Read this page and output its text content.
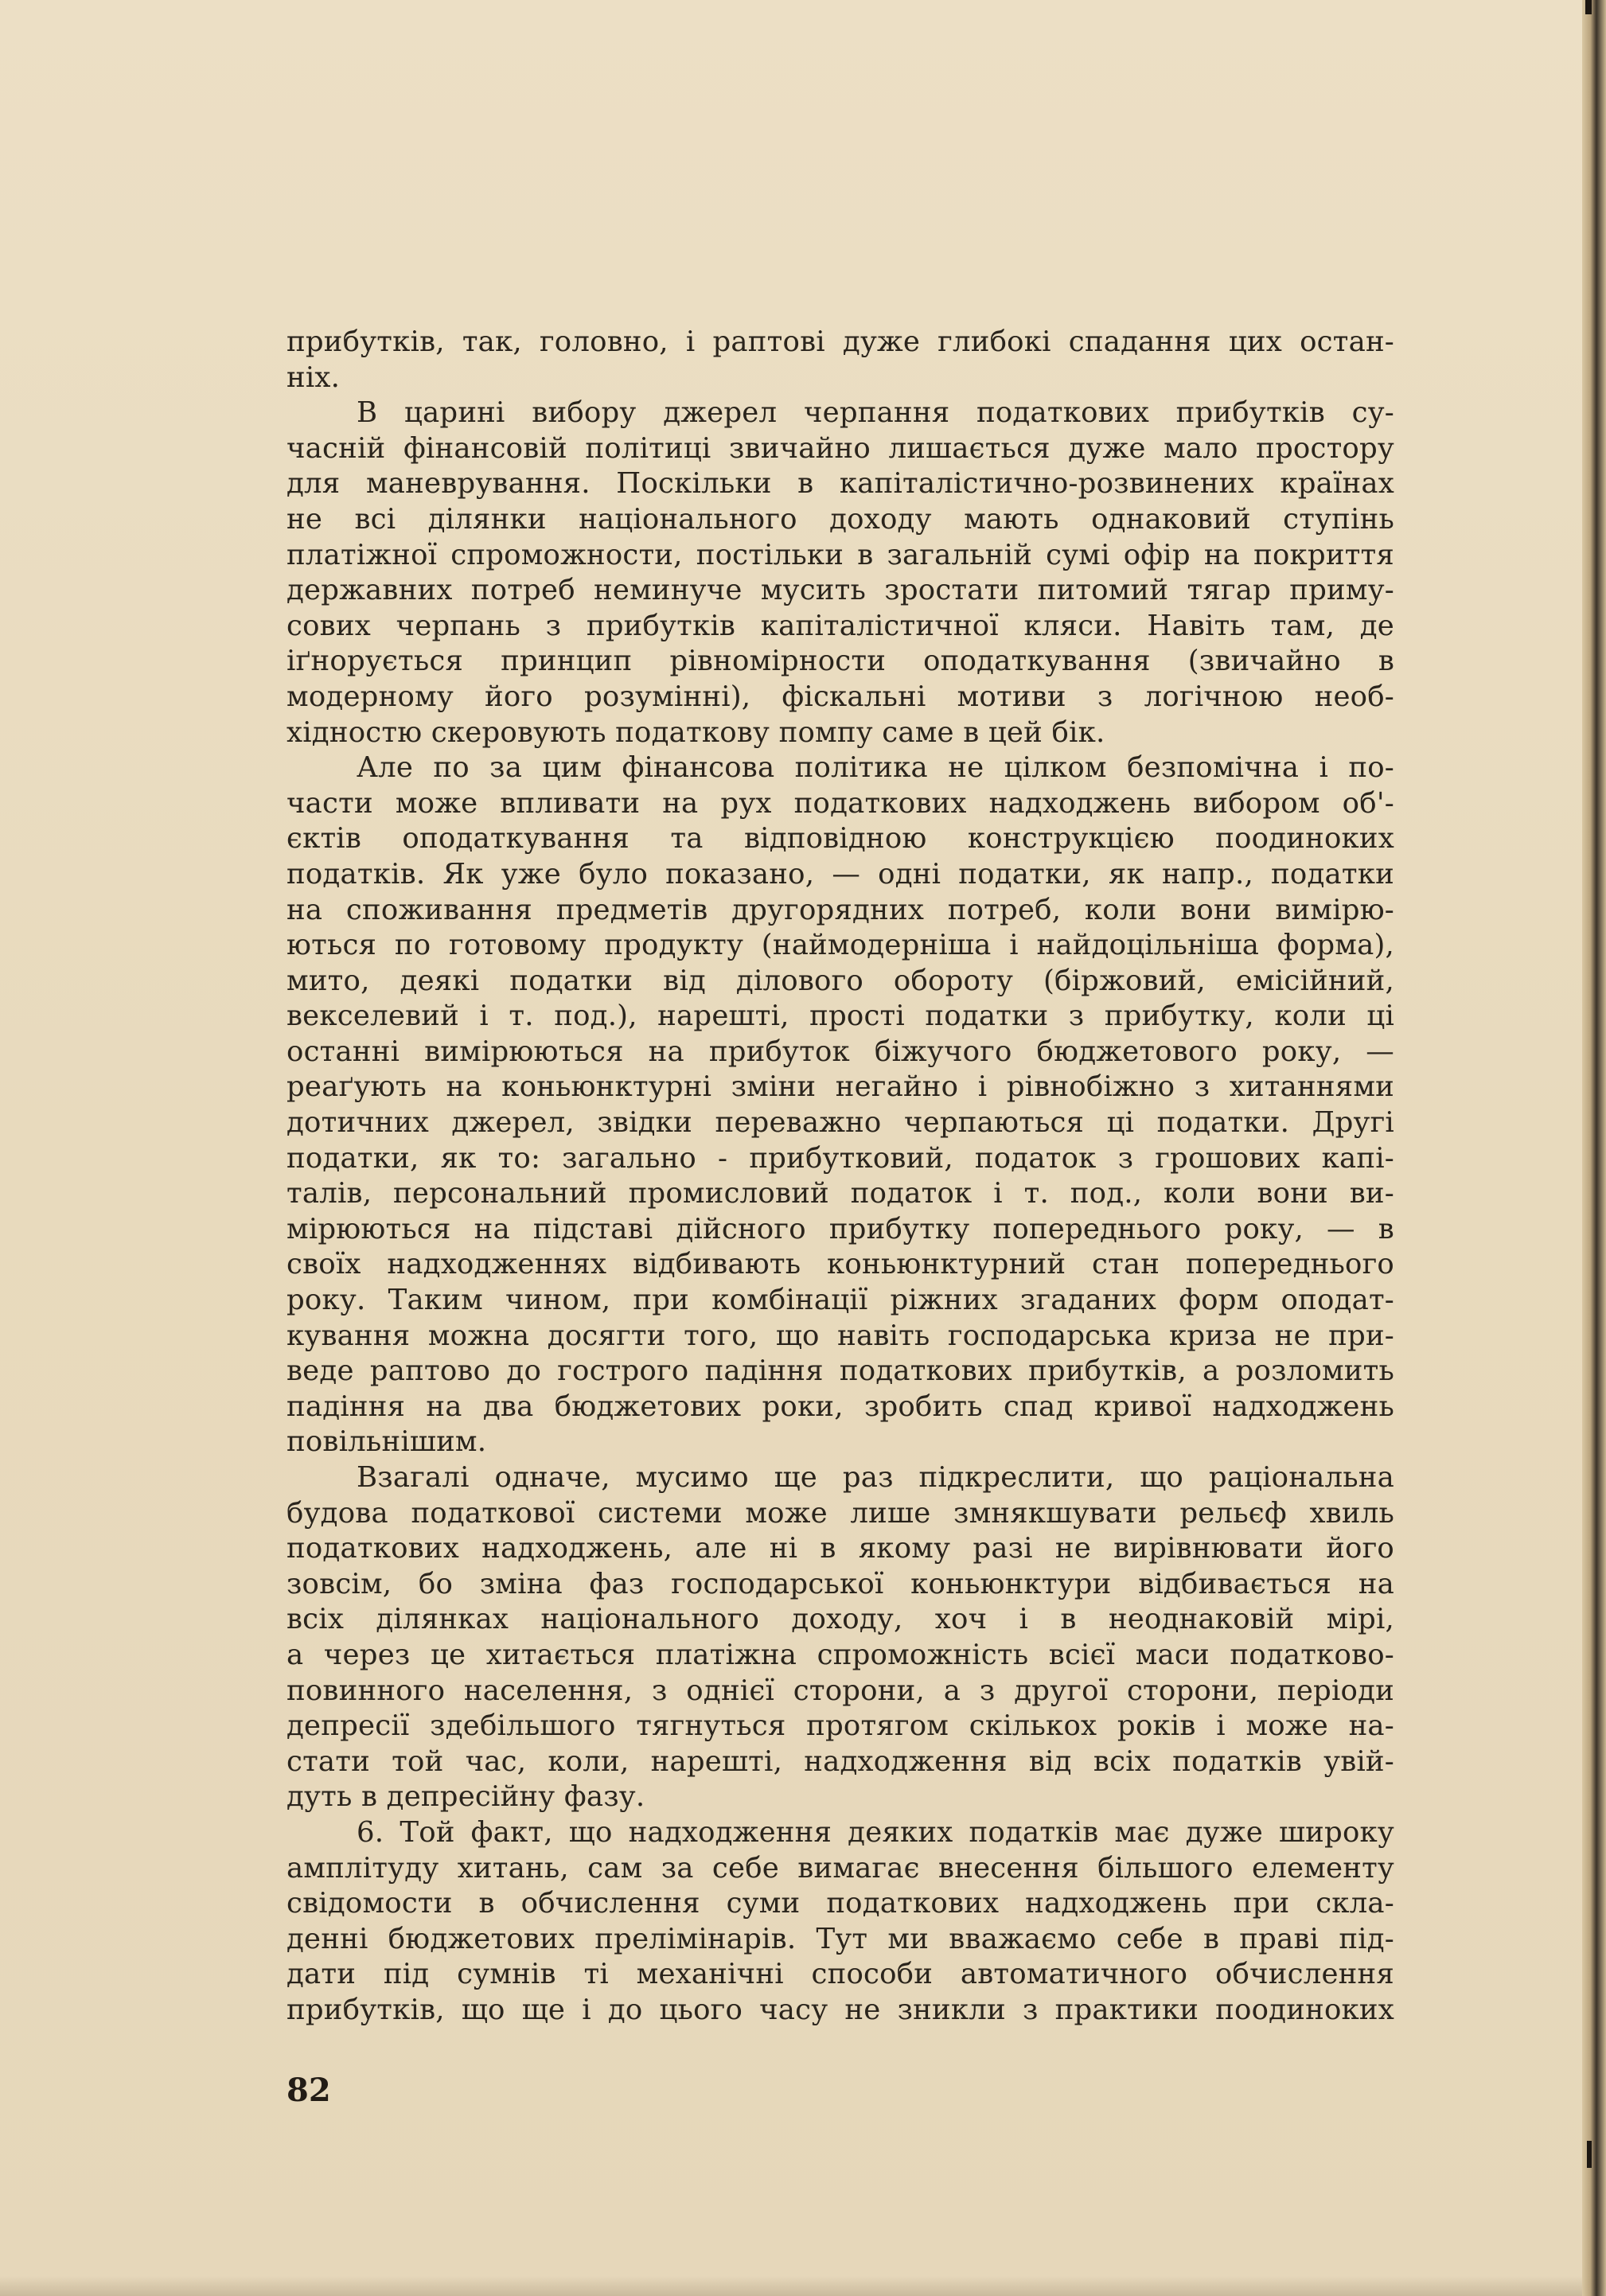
прибутків, так, головно, і раптові дуже глибокі спадання цих остан-

ніх.

В царині вибору джерел черпання податкових прибутків су-

часній фінансовій політиці звичайно лишається дуже мало простору

для маневрування. Поскільки в капіталістично-розвинених країнах

не всі ділянки національного доходу мають однаковий ступінь

платіжної спроможности, постільки в загальній сумі офір на покриття

державних потреб неминуче мусить зростати питомий тягар приму-

сових черпань з прибутків капіталістичної кляси. Навіть там, де

іґнорується принцип рівномірности оподаткування (звичайно в

модерному його розумінні), фіскальні мотиви з логічною необ-

хідностю скеровують податкову помпу саме в цей бік.

Але по за цим фінансова політика не цілком безпомічна і по-

части може впливати на рух податкових надходжень вибором об'-

єктів оподаткування та відповідною конструкцією поодиноких

податків. Як уже було показано, — одні податки, як напр., податки

на споживання предметів другорядних потреб, коли вони вимірю-

ються по готовому продукту (наймодерніша і найдоцільніша форма),

мито, деякі податки від ділового обороту (біржовий, емісійний,

векселевий і т. под.), нарешті, прості податки з прибутку, коли ці

останні вимірюються на прибуток біжучого бюджетового року, —

реаґують на коньюнктурні зміни негайно і рівнобіжно з хитаннями

дотичних джерел, звідки переважно черпаються ці податки. Другі

податки, як то: загально - прибутковий, податок з грошових капі-

талів, персональний промисловий податок і т. под., коли вони ви-

мірюються на підставі дійсного прибутку попереднього року, — в

своїх надходженнях відбивають коньюнктурний стан попереднього

року. Таким чином, при комбінації ріжних згаданих форм оподат-

кування можна досягти того, що навіть господарська криза не при-

веде раптово до гострого падіння податкових прибутків, а розломить

падіння на два бюджетових роки, зробить спад кривої надходжень

повільнішим.

Взагалі одначе, мусимо ще раз підкреслити, що раціональна

будова податкової системи може лише змнякшувати рельєф хвиль

податкових надходжень, але ні в якому разі не вирівнювати його

зовсім, бо зміна фаз господарської коньюнктури відбивається на

всіх ділянках національного доходу, хоч і в неоднаковій мірі,

а через це хитається платіжна спроможність всієї маси податково-

повинного населення, з однієї сторони, а з другої сторони, періоди

депресії здебільшого тягнуться протягом скількох років і може на-

стати той час, коли, нарешті, надходження від всіх податків увій-

дуть в депресійну фазу.

6. Той факт, що надходження деяких податків має дуже широку

амплітуду хитань, сам за себе вимагає внесення більшого елементу

свідомости в обчислення суми податкових надходжень при скла-

денні бюджетових прелімінарів. Тут ми вважаємо себе в праві під-

дати під сумнів ті механічні способи автоматичного обчислення

прибутків, що ще і до цього часу не зникли з практики поодиноких

82
